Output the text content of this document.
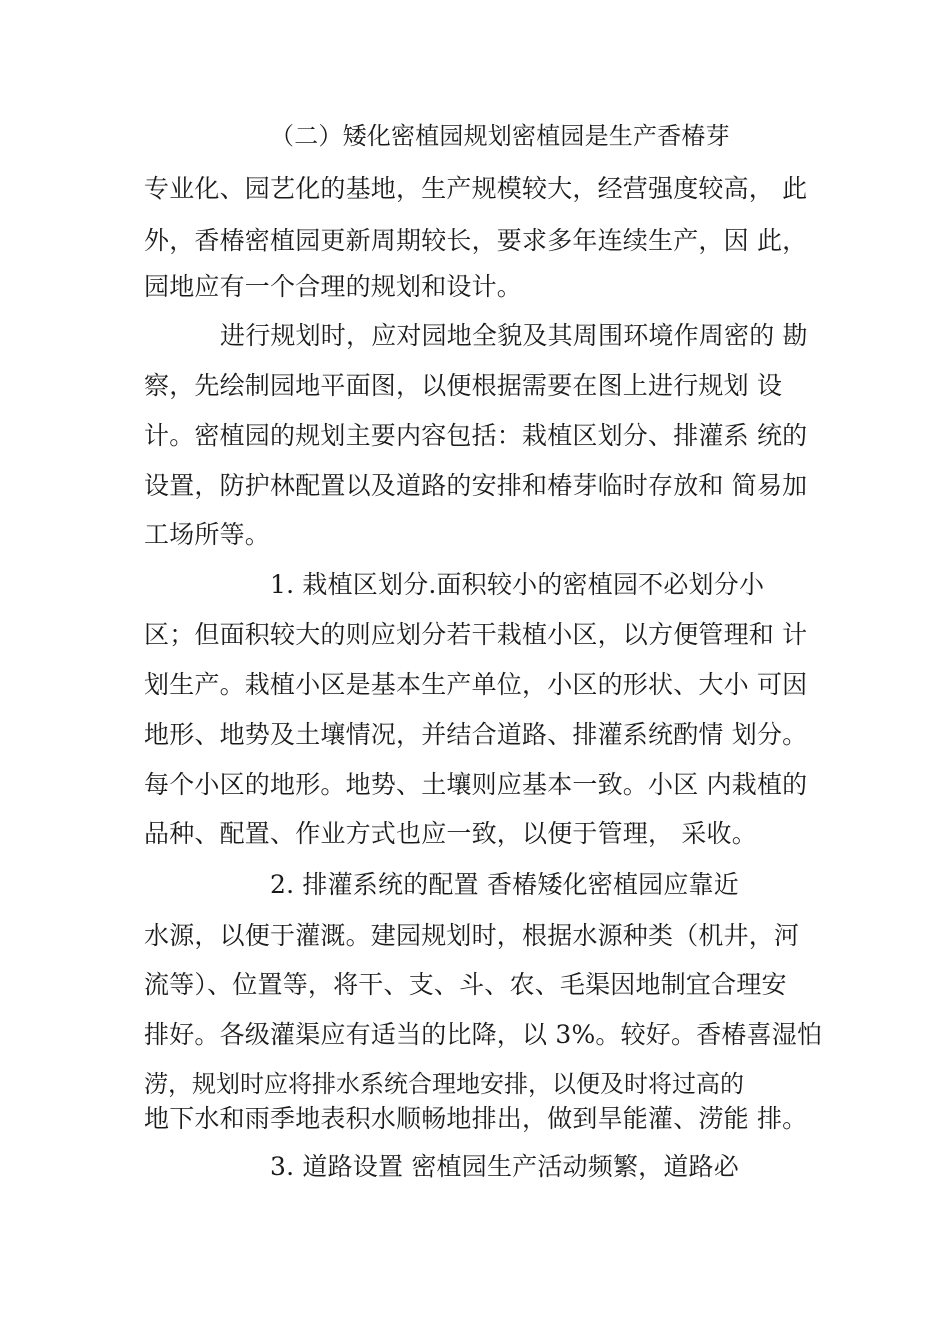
（二）矮化密植园规划密植园是生产香椿芽
专业化、园艺化的基地，生产规模较大，经营强度较高， 此
外，香椿密植园更新周期较长，要求多年连续生产，因 此，
园地应有一个合理的规划和设计。
进行规划时，应对园地全貌及其周围环境作周密的 勘
察，先绘制园地平面图，以便根据需要在图上进行规划 设
计。密植园的规划主要内容包括：栽植区划分、排灌系 统的
设置，防护林配置以及道路的安排和椿芽临时存放和 简易加
工场所等。
1. 栽植区划分.面积较小的密植园不必划分小
区；但面积较大的则应划分若干栽植小区，以方便管理和 计
划生产。栽植小区是基本生产单位，小区的形状、大小 可因
地形、地势及土壤情况，并结合道路、排灌系统酌情 划分。
每个小区的地形。地势、土壤则应基本一致。小区 内栽植的
品种、配置、作业方式也应一致，以便于管理， 采收。
2. 排灌系统的配置 香椿矮化密植园应靠近
水源，以便于灌溉。建园规划时，根据水源种类（机井，河
流等）、位置等，将干、支、斗、农、毛渠因地制宜合理安
排好。各级灌渠应有适当的比降，以 3%。较好。香椿喜湿怕
涝，规划时应将排水系统合理地安排，以便及时将过高的
地下水和雨季地表积水顺畅地排出，做到旱能灌、涝能 排。
3. 道路设置 密植园生产活动频繁，道路必
